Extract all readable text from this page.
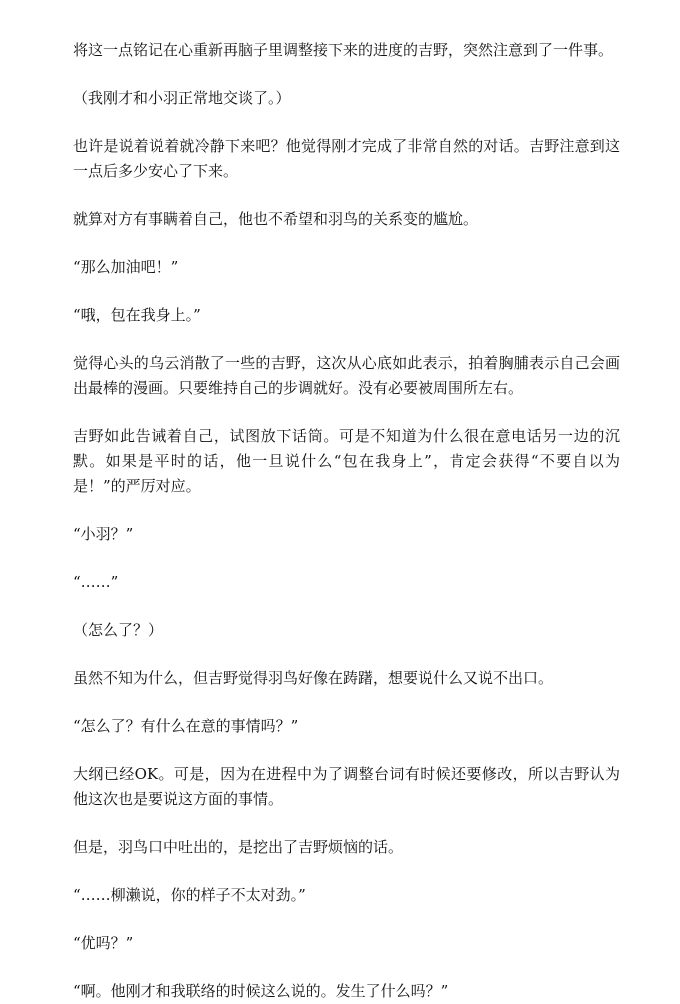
将这一点铭记在心重新再脑子里调整接下来的进度的吉野，突然注意到了一件事。

（我刚才和小羽正常地交谈了。）

也许是说着说着就冷静下来吧？他觉得刚才完成了非常自然的对话。吉野注意到这一点后多少安心了下来。

就算对方有事瞒着自己，他也不希望和羽鸟的关系变的尴尬。

“那么加油吧！”

“哦，包在我身上。”

觉得心头的乌云消散了一些的吉野，这次从心底如此表示，拍着胸脯表示自己会画出最棒的漫画。只要维持自己的步调就好。没有必要被周围所左右。

吉野如此告诫着自己，试图放下话筒。可是不知道为什么很在意电话另一边的沉默。如果是平时的话，他一旦说什么“包在我身上”，肯定会获得“不要自以为是！”的严厉对应。

“小羽？”

“……”

（怎么了？）

虽然不知为什么，但吉野觉得羽鸟好像在踌躇，想要说什么又说不出口。

“怎么了？有什么在意的事情吗？”

大纲已经OK。可是，因为在进程中为了调整台词有时候还要修改，所以吉野认为他这次也是要说这方面的事情。

但是，羽鸟口中吐出的，是挖出了吉野烦恼的话。

“……柳濑说，你的样子不太对劲。”

“优吗？”

“啊。他刚才和我联络的时候这么说的。发生了什么吗？”
